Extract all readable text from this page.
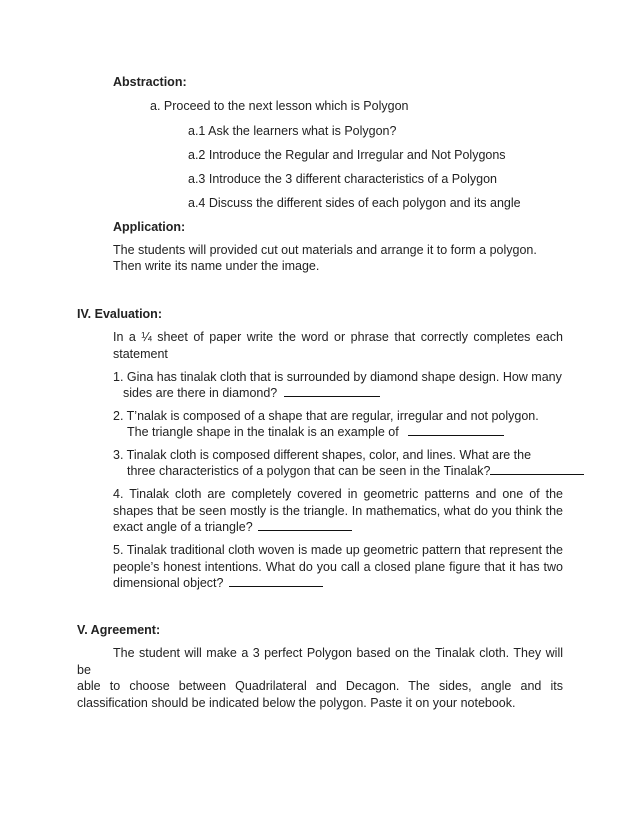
Abstraction:
a. Proceed to the next lesson which is Polygon
a.1 Ask the learners what is Polygon?
a.2 Introduce the Regular and Irregular and Not Polygons
a.3 Introduce the 3 different characteristics of a Polygon
a.4 Discuss the different sides of each polygon and its angle
Application:
The students will provided cut out materials and arrange it to form a polygon.
Then write its name under the image.
IV. Evaluation:
In a ¼ sheet of paper write the word or phrase that correctly completes each
statement
1. Gina has tinalak cloth that is surrounded by diamond shape design. How many
sides are there in diamond?
2. T’nalak is composed of a shape that are regular, irregular and not polygon.
The triangle shape in the tinalak is an example of
3. Tinalak cloth is composed different shapes, color, and lines. What are the
three characteristics of a polygon that can be seen in the Tinalak?
4. Tinalak cloth are completely covered in geometric patterns and one of the
shapes that be seen mostly is the triangle. In mathematics, what do you think the
exact angle of a triangle?
5. Tinalak traditional cloth woven is made up geometric pattern that represent the
people’s honest intentions. What do you call a closed plane figure that it has two
dimensional object?
V. Agreement:
The student will make a 3 perfect Polygon based on the Tinalak cloth. They will be
able to choose between Quadrilateral and Decagon. The sides, angle and its
classification should be indicated below the polygon. Paste it on your notebook.
